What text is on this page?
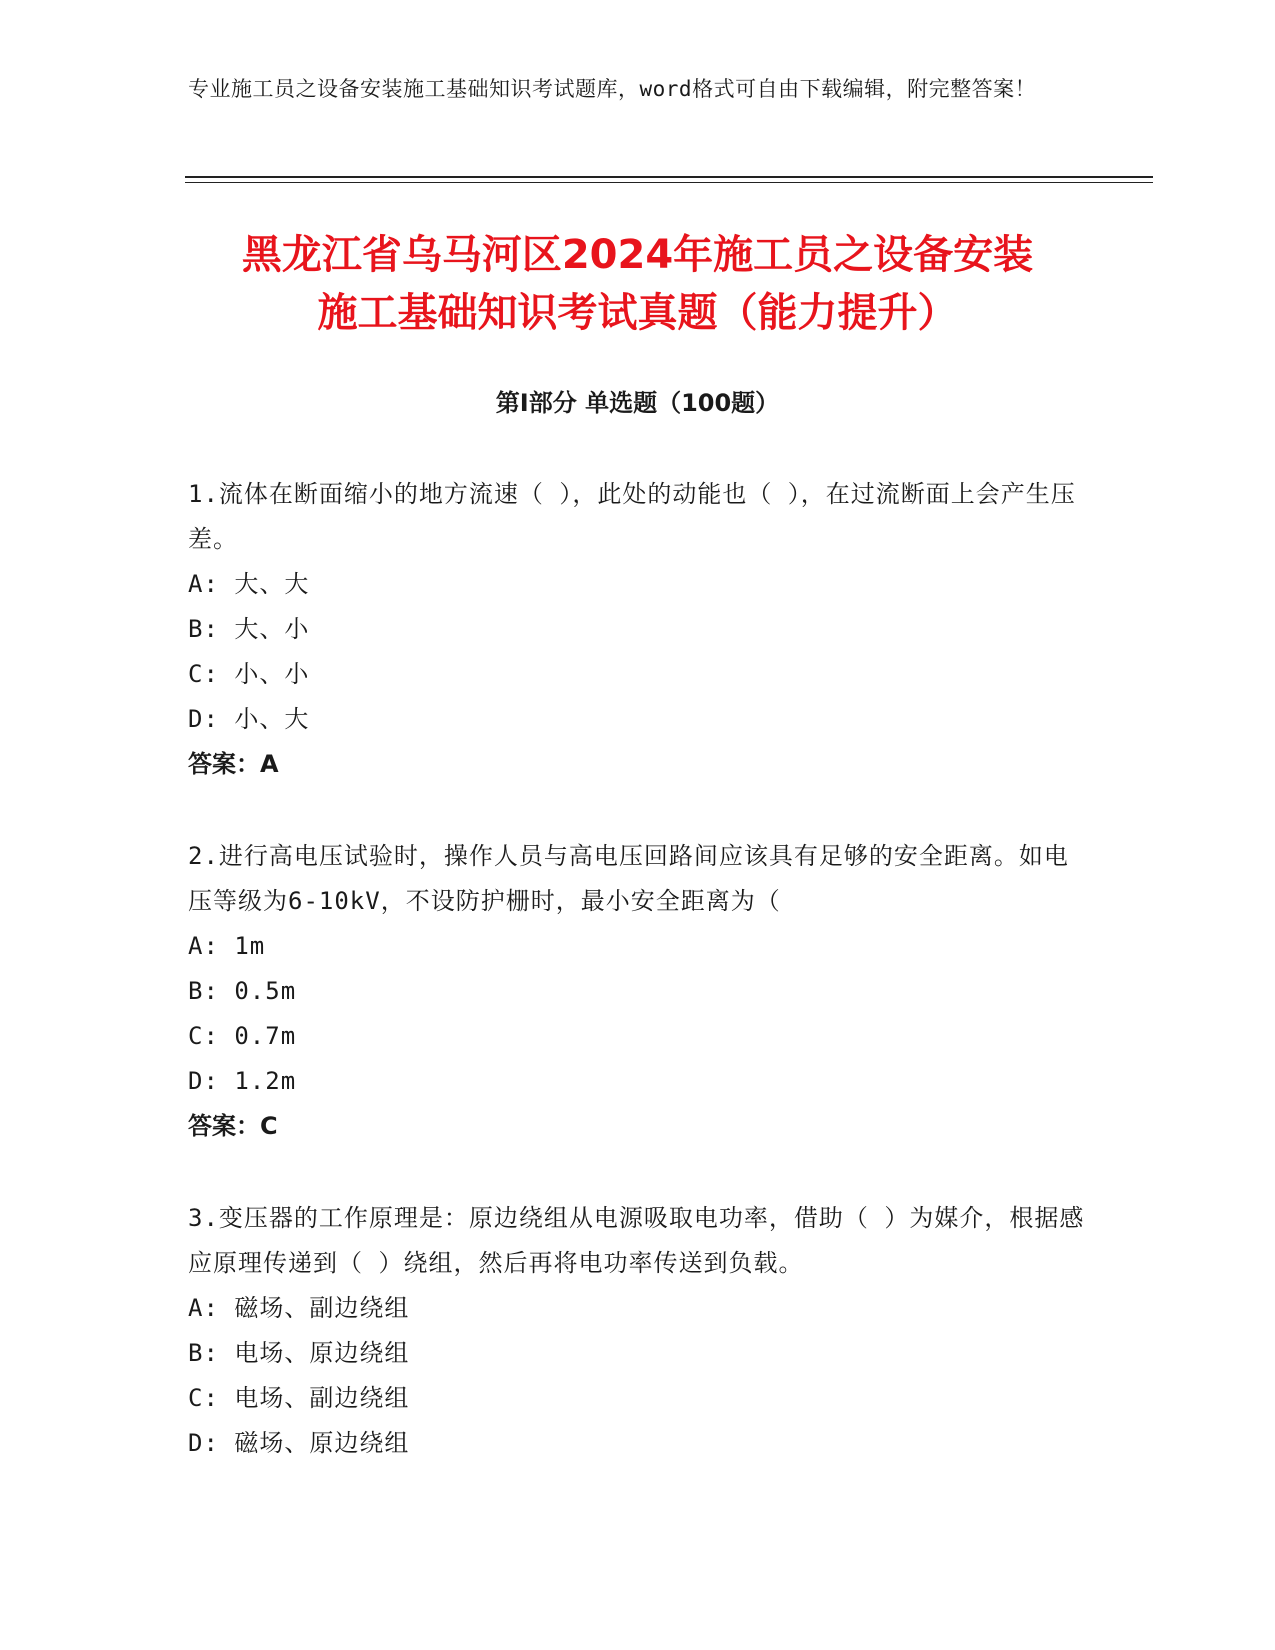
专业施工员之设备安装施工基础知识考试题库，word格式可自由下载编辑，附完整答案！
黑龙江省乌马河区2024年施工员之设备安装
施工基础知识考试真题（能力提升）
第Ⅰ部分 单选题（100题）

1.流体在断面缩小的地方流速（ ），此处的动能也（ ），在过流断面上会产生压差。

A: 大、大

B: 大、小

C: 小、小

D: 小、大

答案：A

2.进行高电压试验时，操作人员与高电压回路间应该具有足够的安全距离。如电压等级为6-10kV，不设防护栅时，最小安全距离为（

A: 1m

B: 0.5m

C: 0.7m

D: 1.2m

答案：C

3.变压器的工作原理是：原边绕组从电源吸取电功率，借助（ ）为媒介，根据感应原理传递到（ ）绕组，然后再将电功率传送到负载。

A: 磁场、副边绕组

B: 电场、原边绕组

C: 电场、副边绕组

D: 磁场、原边绕组
